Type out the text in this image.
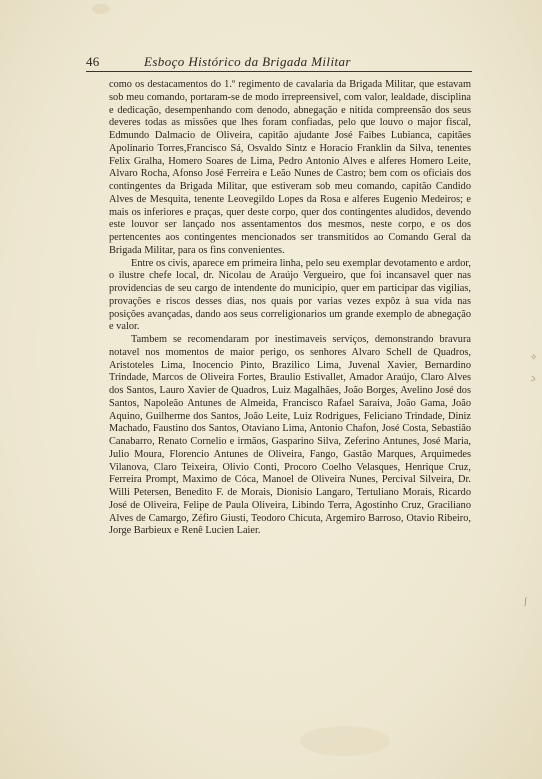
46	Esboço Histórico da Brigada Militar

como os destacamentos do 1.º regimento de cavalaria da Brigada Militar, que estavam sob meu comando, portaram-se de modo irrepreensivel, com valor, lealdade, disciplina e dedicação, desempenhando com denodo, abnegação e nitida compreensão dos seus deveres todas as missões que lhes foram confiadas, pelo que louvo o major fiscal, Edmundo Dalmacio de Oliveira, capitão ajudante José Faibes Lubianca, capitães Apolinario Torres,Francisco Sá, Osvaldo Sintz e Horacio Franklin da Silva, tenentes Felix Gralha, Homero Soares de Lima, Pedro Antonio Alves e alferes Homero Leite, Alvaro Rocha, Afonso José Ferreira e Leão Nunes de Castro; bem com os oficiais dos contingentes da Brigada Militar, que estiveram sob meu comando, capitão Candido Alves de Mesquita, tenente Leovegildo Lopes da Rosa e alferes Eugenio Medeiros; e mais os inferiores e praças, quer deste corpo, quer dos contingentes aludidos, devendo este louvor ser lançado nos assentamentos dos mesmos, neste corpo, e os dos pertencentes aos contingentes mencionados ser transmitidos ao Comando Geral da Brigada Militar, para os fins convenientes.

Entre os civis, aparece em primeira linha, pelo seu exemplar devotamento e ardor, o ilustre chefe local, dr. Nicolau de Araújo Vergueiro, que foi incansavel quer nas providencias de seu cargo de intendente do municipio, quer em participar das vigilias, provações e riscos desses dias, nos quais por varias vezes expôz à sua vida nas posições avançadas, dando aos seus correligionarios um grande exemplo de abnegação e valor.

Tambem se recomendaram por inestimaveis serviços, demonstrando bravura notavel nos momentos de maior perigo, os senhores Alvaro Schell de Quadros, Aristoteles Lima, Inocencio Pinto, Brazilico Lima, Juvenal Xavier, Bernardino Trindade, Marcos de Oliveira Fortes, Braulio Estivallet, Amador Araújo, Claro Alves dos Santos, Lauro Xavier de Quadros, Luiz Magalhães, João Borges, Avelino José dos Santos, Napoleão Antunes de Almeida, Francisco Rafael Saraiva, João Gama, João Aquino, Guilherme dos Santos, João Leite, Luiz Rodrigues, Feliciano Trindade, Diniz Machado, Faustino dos Santos, Otaviano Lima, Antonio Chafon, José Costa, Sebastião Canabarro, Renato Cornelio e irmãos, Gasparino Silva, Zeferino Antunes, José Maria, Julio Moura, Florencio Antunes de Oliveira, Fango, Gastão Marques, Arquimedes Vilanova, Claro Teixeira, Olivio Conti, Procoro Coelho Velasques, Henrique Cruz, Ferreira Prompt, Maximo de Cóca, Manoel de Oliveira Nunes, Percival Silveira, Dr. Willi Petersen, Benedito F. de Morais, Dionisio Langaro, Tertuliano Morais, Ricardo José de Oliveira, Felipe de Paula Oliveira, Libindo Terra, Agostinho Cruz, Graciliano Alves de Camargo, Zéfiro Giusti, Teodoro Chicuta, Argemiro Barroso, Otavio Ribeiro, Jorge Barbieux e Renê Lucien Laier.

✧
ɔ
ʃ
